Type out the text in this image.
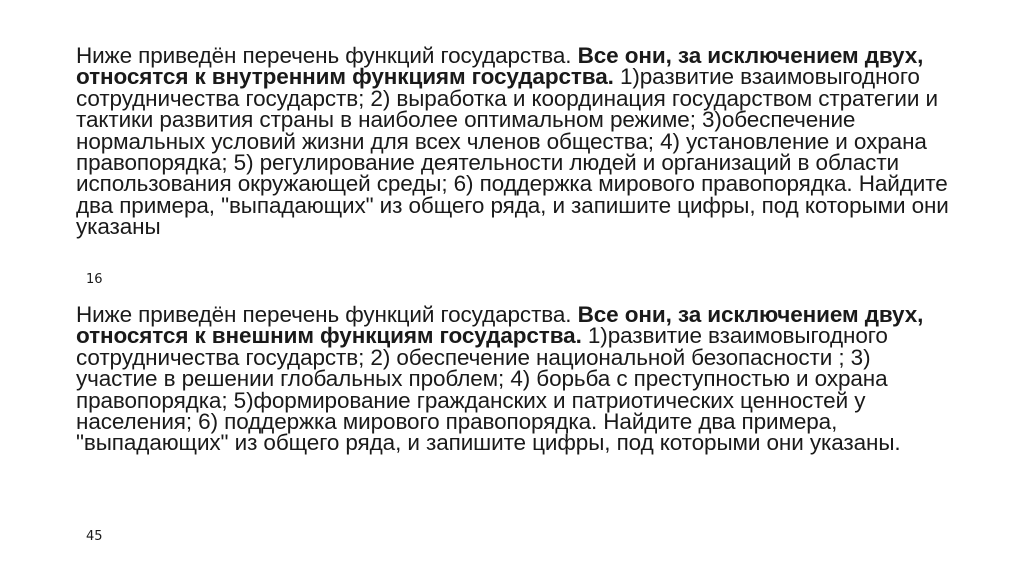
Ниже приведён перечень функций государства. Все они, за исключением двух, относятся к внутренним функциям государства. 1)развитие взаимовыгодного сотрудничества государств; 2) выработка и координация государством стратегии и тактики развития страны в наиболее оптимальном режиме; 3)обеспечение нормальных условий жизни для всех членов общества; 4) установление и охрана правопорядка; 5) регулирование деятельности людей и организаций в области использования окружающей среды; 6) поддержка мирового правопорядка. Найдите два примера, "выпадающих" из общего ряда, и запишите цифры, под которыми они указаны
16
Ниже приведён перечень функций государства. Все они, за исключением двух, относятся к внешним функциям государства. 1)развитие взаимовыгодного сотрудничества государств; 2) обеспечение национальной безопасности ; 3) участие в решении глобальных проблем; 4) борьба с преступностью и охрана правопорядка; 5)формирование гражданских и патриотических ценностей у населения; 6) поддержка мирового правопорядка. Найдите два примера, "выпадающих" из общего ряда, и запишите цифры, под которыми они указаны.
45
